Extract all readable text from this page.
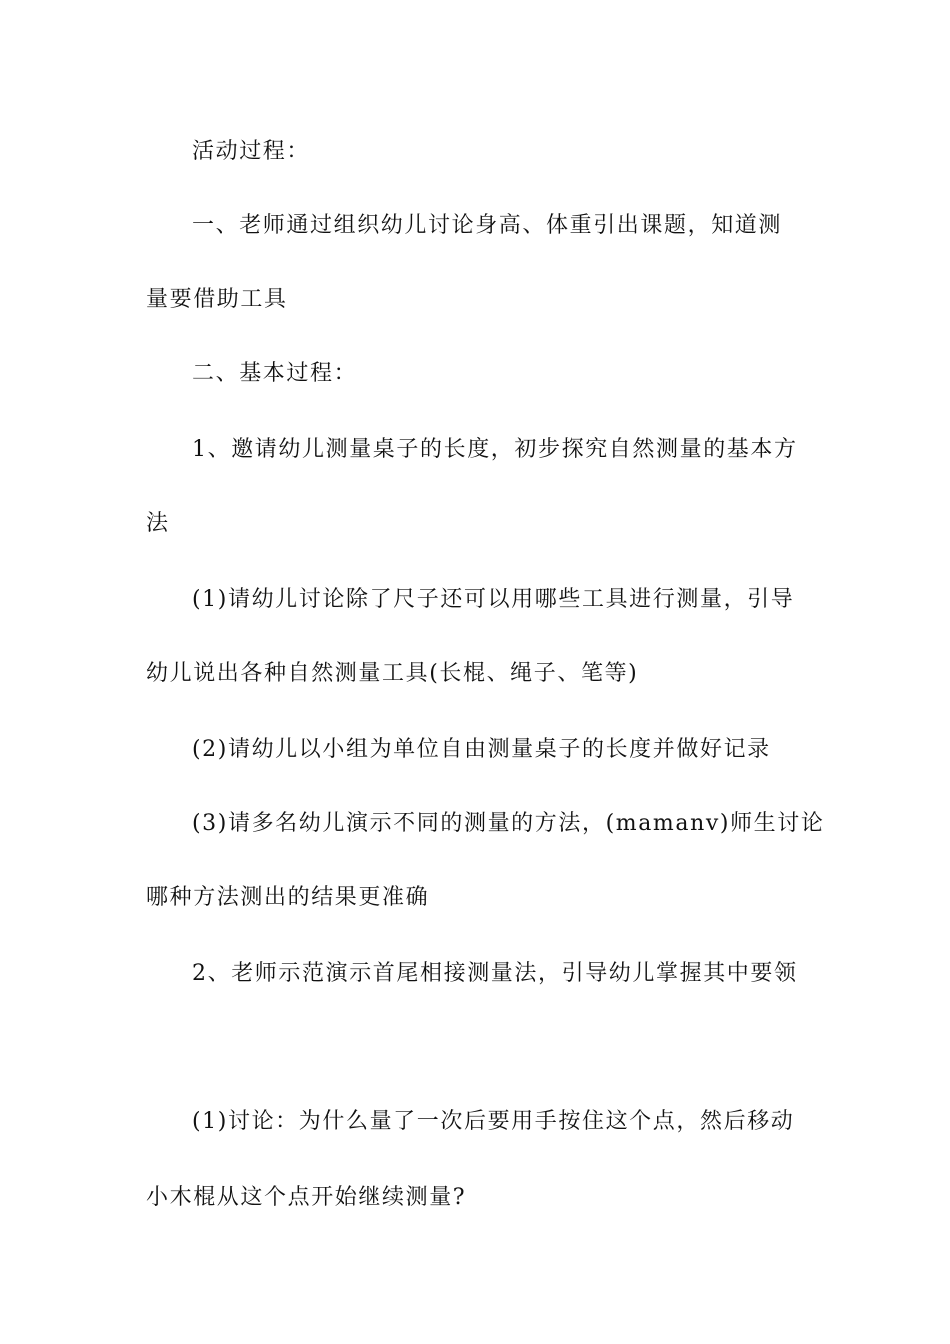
活动过程：
一、老师通过组织幼儿讨论身高、体重引出课题，知道测
量要借助工具
二、基本过程：
1、邀请幼儿测量桌子的长度，初步探究自然测量的基本方
法
(1)请幼儿讨论除了尺子还可以用哪些工具进行测量，引导
幼儿说出各种自然测量工具(长棍、绳子、笔等)
(2)请幼儿以小组为单位自由测量桌子的长度并做好记录
(3)请多名幼儿演示不同的测量的方法，(mamanv)师生讨论
哪种方法测出的结果更准确
2、老师示范演示首尾相接测量法，引导幼儿掌握其中要领
(1)讨论：为什么量了一次后要用手按住这个点，然后移动
小木棍从这个点开始继续测量?
